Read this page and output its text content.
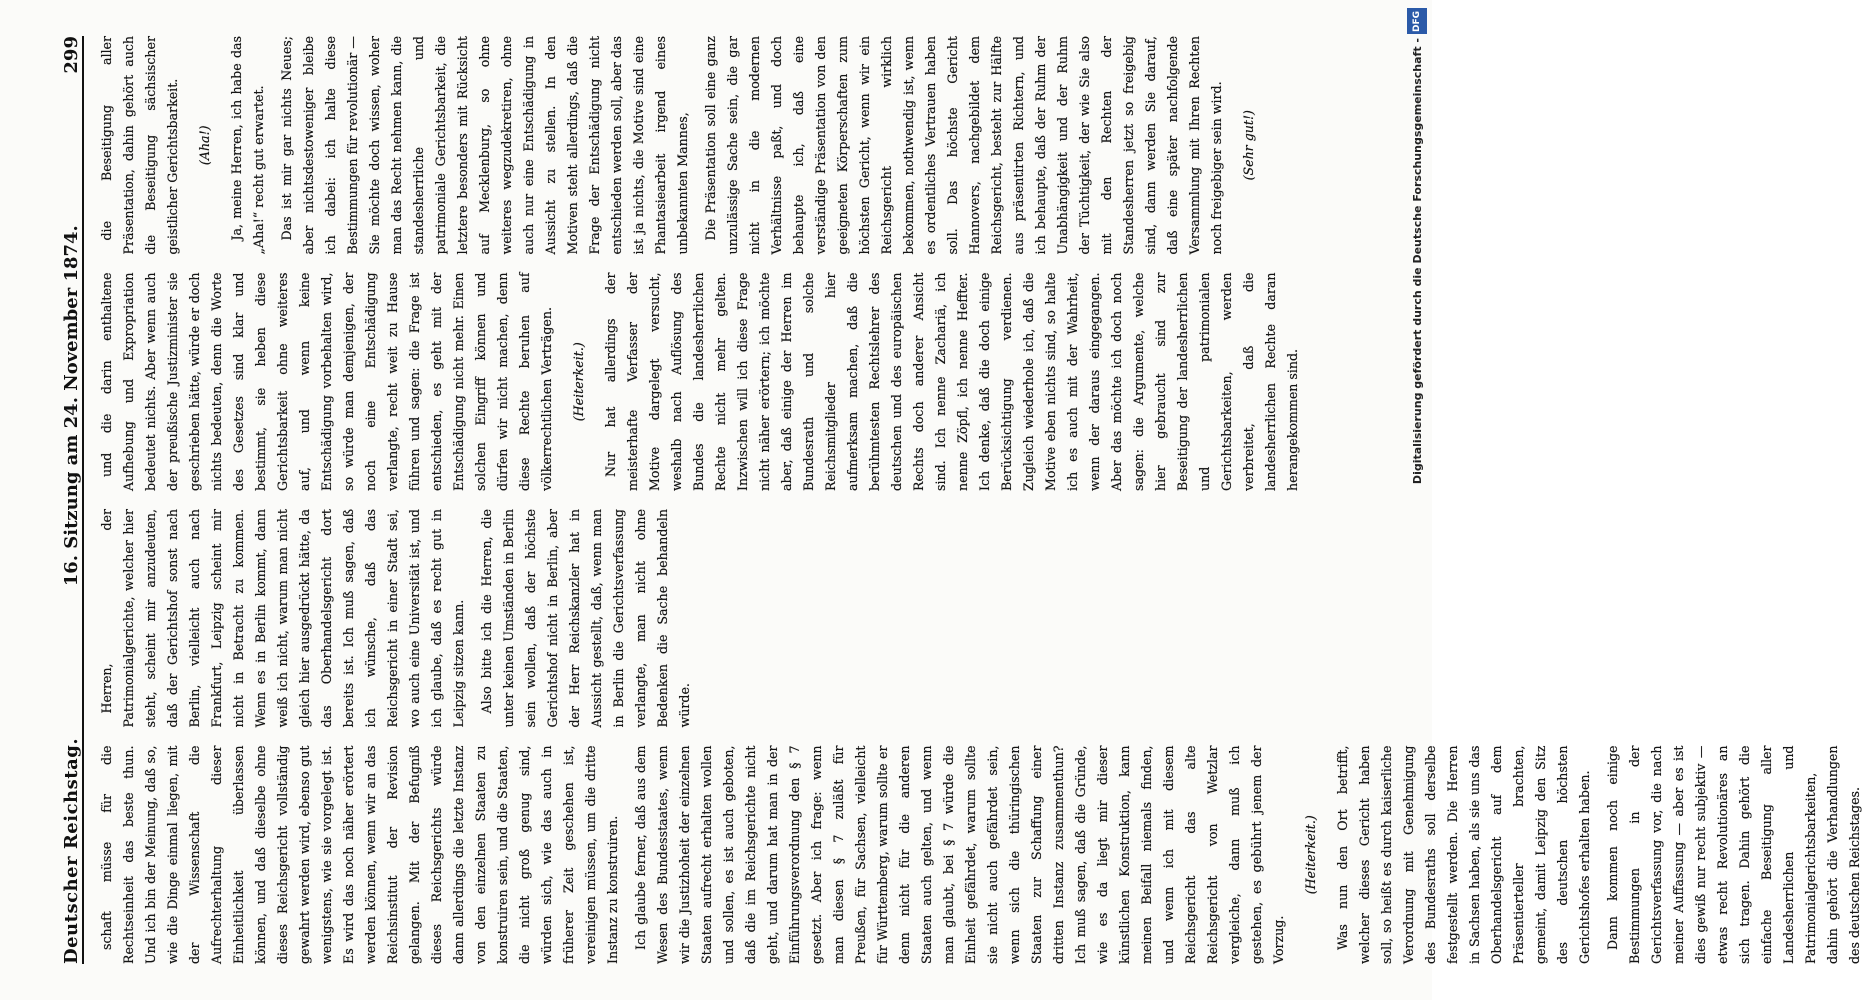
Deutscher Reichstag.
16. Sitzung am 24. November 1874.
299

schaft müsse für die Rechtseinheit das beste thun. Und ich bin der Meinung, daß so, wie die Dinge einmal liegen, mit der Wissenschaft die Aufrechterhaltung dieser Einheitlichkeit überlassen können, und daß dieselbe ohne dieses Reichsgericht vollständig gewahrt werden wird, ebenso gut wenigstens, wie sie vorgelegt ist. Es wird das noch näher erörtert werden können, wenn wir an das Reichsinstitut der Revision gelangen. Mit der Befugniß dieses Reichsgerichts würde dann allerdings die letzte Instanz von den einzelnen Staaten zu konstruiren sein, und die Staaten, die nicht groß genug sind, würden sich, wie das auch in früherer Zeit geschehen ist, vereinigen müssen, um die dritte Instanz zu konstruiren.	Ich glaube ferner, daß aus dem Wesen des Bundesstaates, wenn wir die Justizhoheit der einzelnen Staaten aufrecht erhalten wollen und sollen, es ist auch geboten, daß die im Reichsgerichte nicht geht, und darum hat man in der Einführungsverordnung den § 7 gesetzt. Aber ich frage: wenn man diesen § 7 zuläßt für Preußen, für Sachsen, vielleicht für Württemberg, warum sollte er denn nicht für die anderen Staaten auch gelten, und wenn man glaubt, bei § 7 würde die Einheit gefährdet, warum sollte sie nicht auch gefährdet sein, wenn sich die thüringischen Staaten zur Schaffung einer dritten Instanz zusammenthun? Ich muß sagen, daß die Gründe, wie es da liegt mir dieser künstlichen Konstruktion, kann meinen Beifall niemals finden, und wenn ich mit diesem Reichsgericht das alte Reichsgericht von Wetzlar vergleiche, dann muß ich gestehen, es gebührt jenem der Vorzug.

(Heiterkeit.)	Was nun den Ort betrifft, welcher dieses Gericht haben soll, so heißt es durch kaiserliche Verordnung mit Genehmigung des Bundesraths soll derselbe festgestellt werden. Die Herren in Sachsen haben, als sie uns das Oberhandelsgericht auf dem Präsentierteller brachten, gemeint, damit Leipzig den Sitz des deutschen höchsten Gerichtshofes erhalten haben.	Dann kommen noch einige Bestimmungen in der Gerichtsverfassung vor, die nach meiner Auffassung — aber es ist dies gewiß nur recht subjektiv — etwas recht Revolutionäres an sich tragen. Dahin gehört die einfache Beseitigung aller Landesherrlichen und Patrimonialgerichtsbarkeiten, dahin gehört die Verhandlungen des deutschen Reichstages.

Herren, der Patrimonialgerichte, welcher hier steht, scheint mir anzudeuten, daß der Gerichtshof sonst nach Berlin, vielleicht auch nach Frankfurt, Leipzig scheint mir nicht in Betracht zu kommen. Wenn es in Berlin kommt, dann weiß ich nicht, warum man nicht gleich hier ausgedrückt hätte, da das Oberhandelsgericht dort bereits ist. Ich muß sagen, daß ich wünsche, daß das Reichsgericht in einer Stadt sei, wo auch eine Universität ist, und ich glaube, daß es recht gut in Leipzig sitzen kann.	Also bitte ich die Herren, die unter keinen Umständen in Berlin sein wollen, daß der höchste Gerichtshof nicht in Berlin, aber der Herr Reichskanzler hat in Aussicht gestellt, daß, wenn man in Berlin die Gerichtsverfassung verlangte, man nicht ohne Bedenken die Sache behandeln würde.

und die darin enthaltene Aufhebung und Expropriation bedeutet nichts. Aber wenn auch der preußische Justizminister sie geschrieben hätte, würde er doch nichts bedeuten, denn die Worte des Gesetzes sind klar und bestimmt, sie heben diese Gerichtsbarkeit ohne weiteres auf, und wenn keine Entschädigung vorbehalten wird, so würde man demjenigen, der noch eine Entschädigung verlangte, recht weit zu Hause führen und sagen: die Frage ist entschieden, es geht mit der Entschädigung nicht mehr. Einen solchen Eingriff können und dürfen wir nicht machen, denn diese Rechte beruhen auf völkerrechtlichen Verträgen.	(Heiterkeit.)	Nur hat allerdings der meisterhafte Verfasser der Motive dargelegt versucht, weshalb nach Auflösung des Bundes die landesherrlichen Rechte nicht mehr gelten. Inzwischen will ich diese Frage nicht näher erörtern; ich möchte aber, daß einige der Herren im Bundesrath und solche Reichsmitglieder hier aufmerksam machen, daß die berühmtesten Rechtslehrer des deutschen und des europäischen Rechts doch anderer Ansicht sind. Ich nenne Zachariä, ich nenne Zöpfl, ich nenne Heffter. Ich denke, daß die doch einige Berücksichtigung verdienen. Zugleich wiederhole ich, daß die Motive eben nichts sind, so halte ich es auch mit der Wahrheit, wenn der daraus eingegangen. Aber das möchte ich doch noch sagen: die Argumente, welche hier gebraucht sind zur Beseitigung der landesherrlichen und patrimonialen Gerichtsbarkeiten, werden verbreitet, daß die landesherrlichen Rechte daran herangekommen sind.

die Beseitigung aller Präsentation, dahin gehört auch die Beseitigung sächsischer geistlicher Gerichtsbarkeit.	(Aha!)	Ja, meine Herren, ich habe das „Aha!“ recht gut erwartet.	Das ist mir gar nichts Neues; aber nichtsdestoweniger bleibe ich dabei: ich halte diese Bestimmungen für revolutionär — Sie möchte doch wissen, woher man das Recht nehmen kann, die standesherrliche und patrimoniale Gerichtsbarkeit, die letztere besonders mit Rücksicht auf Mecklenburg, so ohne weiteres wegzudekretiren, ohne auch nur eine Entschädigung in Aussicht zu stellen. In den Motiven steht allerdings, daß die Frage der Entschädigung nicht entschieden werden soll, aber das ist ja nichts, die Motive sind eine Phantasiearbeit irgend eines unbekannten Mannes,	Die Präsentation soll eine ganz unzulässige Sache sein, die gar nicht in die modernen Verhältnisse paßt, und doch behaupte ich, daß eine verständige Präsentation von den geeigneten Körperschaften zum höchsten Gericht, wenn wir ein Reichsgericht wirklich bekommen, nothwendig ist, wenn es ordentliches Vertrauen haben soll. Das höchste Gericht Hannovers, nachgebildet dem Reichsgericht, besteht zur Hälfte aus präsentirten Richtern, und ich behaupte, daß der Ruhm der Unabhängigkeit und der Ruhm der Tüchtigkeit, der wie Sie also mit den Rechten der Standesherren jetzt so freigebig sind, dann werden Sie darauf, daß eine später nachfolgende Versammlung mit Ihren Rechten noch freigebiger sein wird.	(Sehr gut!)

DFG
Digitalisierung gefördert durch die Deutsche Forschungsgemeinschaft -
